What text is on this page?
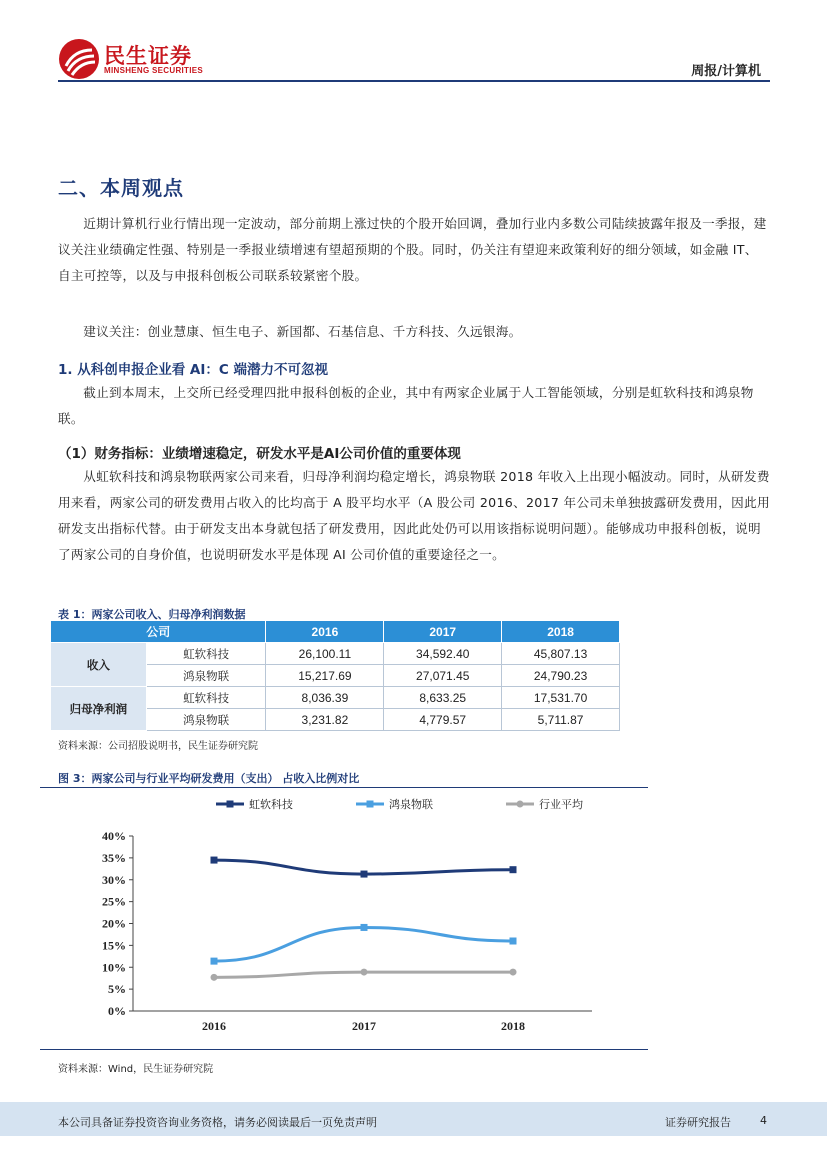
民生证券
MINSHENG SECURITIES	周报/计算机
二、本周观点

近期计算机行业行情出现一定波动，部分前期上涨过快的个股开始回调，叠加行业内多数公司陆续披露年报及一季报，建议关注业绩确定性强、特别是一季报业绩增速有望超预期的个股。同时，仍关注有望迎来政策利好的细分领域，如金融 IT、自主可控等，以及与申报科创板公司联系较紧密个股。

建议关注：创业慧康、恒生电子、新国都、石基信息、千方科技、久远银海。

1. 从科创申报企业看 AI：C 端潜力不可忽视

截止到本周末，上交所已经受理四批申报科创板的企业，其中有两家企业属于人工智能领域，分别是虹软科技和鸿泉物联。

（1）财务指标：业绩增速稳定，研发水平是AI公司价值的重要体现

从虹软科技和鸿泉物联两家公司来看，归母净利润均稳定增长，鸿泉物联 2018 年收入上出现小幅波动。同时，从研发费用来看，两家公司的研发费用占收入的比均高于 A 股平均水平（A 股公司 2016、2017 年公司未单独披露研发费用，因此用研发支出指标代替。由于研发支出本身就包括了研发费用，因此此处仍可以用该指标说明问题）。能够成功申报科创板，说明了两家公司的自身价值，也说明研发水平是体现 AI 公司价值的重要途径之一。

表 1：两家公司收入、归母净利润数据
公司		2016	2017	2018
收入	虹软科技	26,100.11	34,592.40	45,807.13
	鸿泉物联	15,217.69	27,071.45	24,790.23
归母净利润	虹软科技	8,036.39	8,633.25	17,531.70
	鸿泉物联	3,231.82	4,779.57	5,711.87
资料来源：公司招股说明书，民生证券研究院
图 3：两家公司与行业平均研发费用（支出） 占收入比例对比
0%
5%
10%
15%
20%
25%
30%
35%
40%
2016	2017	2018
虹软科技	鸿泉物联	行业平均
资料来源：Wind，民生证券研究院
本公司具备证券投资咨询业务资格，请务必阅读最后一页免责声明	证券研究报告	4
